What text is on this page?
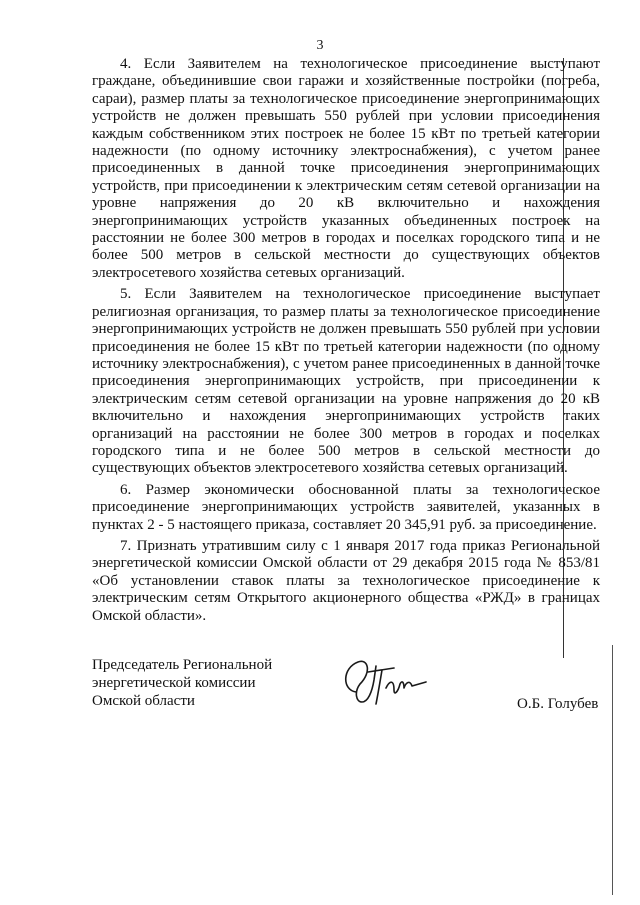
3

4. Если Заявителем на технологическое присоединение выступают граждане, объединившие свои гаражи и хозяйственные постройки (погреба, сараи), размер платы за технологическое присоединение энергопринимающих устройств не должен превышать 550 рублей при условии присоединения каждым собственником этих построек не более 15 кВт по третьей категории надежности (по одному источнику электроснабжения), с учетом ранее присоединенных в данной точке присоединения энергопринимающих устройств, при присоединении к электрическим сетям сетевой организации на уровне напряжения до 20 кВ включительно и нахождения энергопринимающих устройств указанных объединенных построек на расстоянии не более 300 метров в городах и поселках городского типа и не более 500 метров в сельской местности до существующих объектов электросетевого хозяйства сетевых организаций.

5. Если Заявителем на технологическое присоединение выступает религиозная организация, то размер платы за технологическое присоединение энергопринимающих устройств не должен превышать 550 рублей при условии присоединения не более 15 кВт по третьей категории надежности (по одному источнику электроснабжения), с учетом ранее присоединенных в данной точке присоединения энергопринимающих устройств, при присоединении к электрическим сетям сетевой организации на уровне напряжения до 20 кВ включительно и нахождения энергопринимающих устройств таких организаций на расстоянии не более 300 метров в городах и поселках городского типа и не более 500 метров в сельской местности до существующих объектов электросетевого хозяйства сетевых организаций.

6. Размер экономически обоснованной платы за технологическое присоединение энергопринимающих устройств заявителей, указанных в пунктах 2 - 5 настоящего приказа, составляет 20 345,91 руб. за присоединение.

7. Признать утратившим силу с 1 января 2017 года приказ Региональной энергетической комиссии Омской области от 29 декабря 2015 года № 853/81 «Об установлении ставок платы за технологическое присоединение к электрическим сетям Открытого акционерного общества «РЖД» в границах Омской области».

Председатель Региональной
энергетической комиссии
Омской области	О.Б. Голубев
